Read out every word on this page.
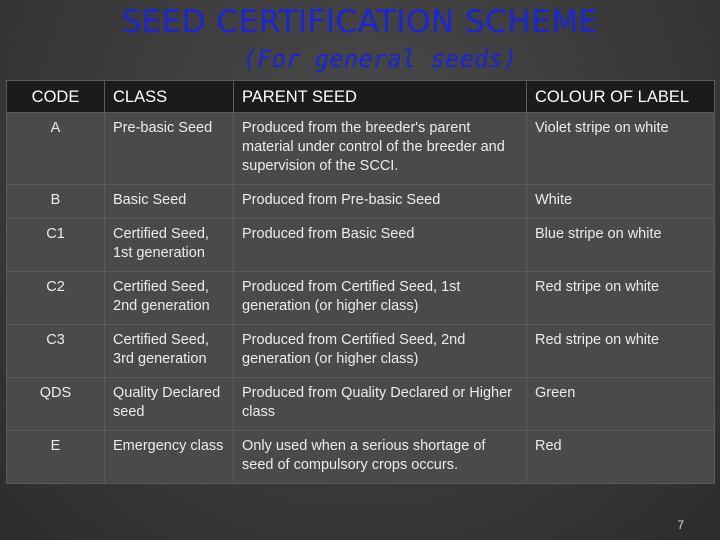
SEED CERTIFICATION SCHEME
(For general seeds)
CODE	CLASS	PARENT SEED	COLOUR OF LABEL
A	Pre-basic Seed	Produced from the breeder's parent material under control of the breeder and supervision of the SCCI.	Violet stripe on white
B	Basic Seed	Produced from Pre-basic Seed	White
C1	Certified Seed, 1st generation	Produced from Basic Seed	Blue stripe on white
C2	Certified Seed, 2nd generation	Produced from Certified Seed, 1st generation (or higher class)	Red stripe on white
C3	Certified Seed, 3rd generation	Produced from Certified Seed, 2nd generation (or higher class)	Red stripe on white
QDS	Quality Declared seed	Produced from Quality Declared or Higher class	Green
E	Emergency class	Only used when a serious shortage of seed of compulsory crops occurs.	Red
7
